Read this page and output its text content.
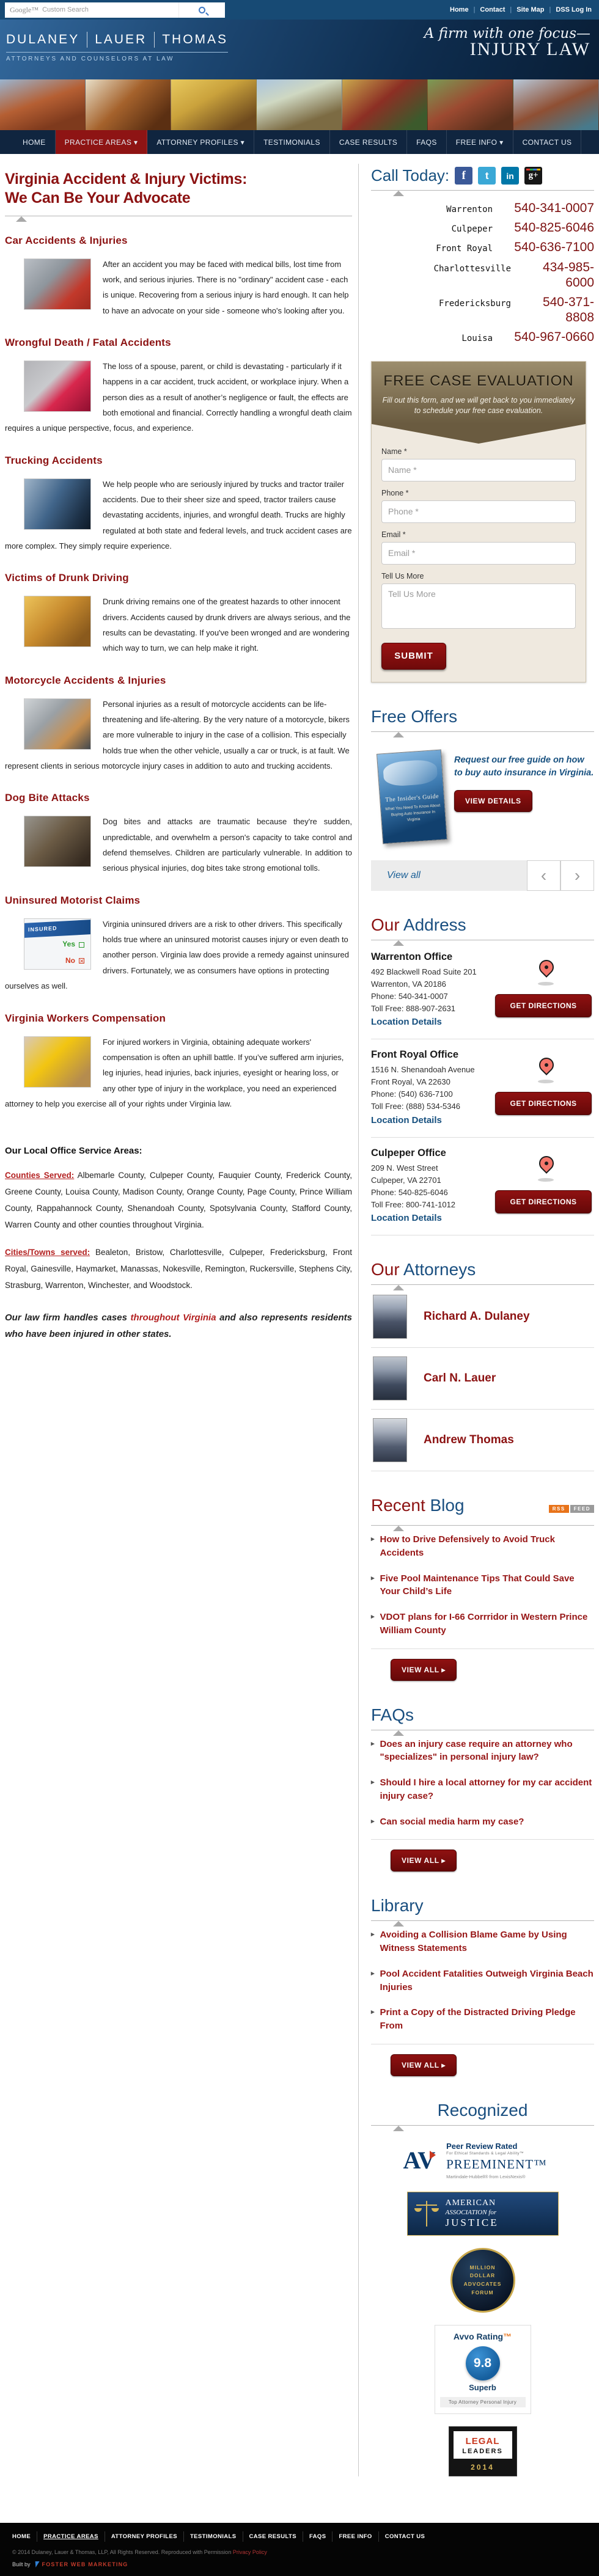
Google™
Custom Search	Home | Contact | Site Map | DSS Log In
DULANEY LAUER THOMAS
ATTORNEYS AND COUNSELORS AT LAW
A firm with one focus—
INJURY LAW
HOME	PRACTICE AREAS ▾	ATTORNEY PROFILES ▾	TESTIMONIALS	CASE RESULTS	FAQS	FREE INFO ▾	CONTACT US
Virginia Accident & Injury Victims:
We Can Be Your Advocate
Car Accidents & Injuries

After an accident you may be faced with medical bills, lost time from work, and serious injuries. There is no "ordinary" accident case - each is unique. Recovering from a serious injury is hard enough. It can help to have an advocate on your side - someone who's looking after you.

Wrongful Death / Fatal Accidents

The loss of a spouse, parent, or child is devastating - particularly if it happens in a car accident, truck accident, or workplace injury. When a person dies as a result of another’s negligence or fault, the effects are both emotional and financial. Correctly handling a wrongful death claim requires a unique perspective, focus, and experience.

Trucking Accidents

We help people who are seriously injured by trucks and tractor trailer accidents. Due to their sheer size and speed, tractor trailers cause devastating accidents, injuries, and wrongful death. Trucks are highly regulated at both state and federal levels, and truck accident cases are more complex. They simply require experience.

Victims of Drunk Driving

Drunk driving remains one of the greatest hazards to other innocent drivers. Accidents caused by drunk drivers are always serious, and the results can be devastating. If you've been wronged and are wondering which way to turn, we can help make it right.

Motorcycle Accidents & Injuries

Personal injuries as a result of motorcycle accidents can be life-threatening and life-altering. By the very nature of a motorcycle, bikers are more vulnerable to injury in the case of a collision. This especially holds true when the other vehicle, usually a car or truck, is at fault. We represent clients in serious motorcycle injury cases in addition to auto and trucking accidents.

Dog Bite Attacks

Dog bites and attacks are traumatic because they're sudden, unpredictable, and overwhelm a person's capacity to take control and defend themselves. Children are particularly vulnerable. In addition to serious physical injuries, dog bites take strong emotional tolls.

Uninsured Motorist Claims
INSURED
Yes
No ✕

Virginia uninsured drivers are a risk to other drivers. This specifically holds true where an uninsured motorist causes injury or even death to another person. Virginia law does provide a remedy against uninsured drivers. Fortunately, we as consumers have options in protecting ourselves as well.

Virginia Workers Compensation

For injured workers in Virginia, obtaining adequate workers' compensation is often an uphill battle. If you’ve suffered arm injuries, leg injuries, head injuries, back injuries, eyesight or hearing loss, or any other type of injury in the workplace, you need an experienced attorney to help you exercise all of your rights under Virginia law.

Our Local Office Service Areas:

Counties Served: Albemarle County, Culpeper County, Fauquier County, Frederick County, Greene County, Louisa County, Madison County, Orange County, Page County, Prince William County, Rappahannock County, Shenandoah County, Spotsylvania County, Stafford County, Warren County and other counties throughout Virginia.

Cities/Towns served: Bealeton, Bristow, Charlottesville, Culpeper, Fredericksburg, Front Royal, Gainesville, Haymarket, Manassas, Nokesville, Remington, Ruckersville, Stephens City, Strasburg, Warrenton, Winchester, and Woodstock.

Our law firm handles cases throughout Virginia and also represents residents who have been injured in other states.

Call Today:	f	t	in	g+
Warrenton	540-341-0007
Culpeper	540-825-6046
Front Royal	540-636-7100
Charlottesville	434-985-6000
Fredericksburg	540-371-8808
Louisa	540-967-0660
FREE CASE EVALUATION
Fill out this form, and we will get back to you immediately to schedule your free case evaluation.
Name *
Name *
Phone *
Phone *
Email *
Email *
Tell Us More
Tell Us More SUBMIT
Free Offers
The Insider's Guide
What You Need To Know About Buying Auto Insurance In Virginia

Request our free guide on how to buy auto insurance in Virginia.

VIEW DETAILS
View all	‹	›
Our Address
Warrenton Office
492 Blackwell Road Suite 201
Warrenton, VA 20186
Phone: 540-341-0007
Toll Free: 888-907-2631
Location Details
GET DIRECTIONS
Front Royal Office
1516 N. Shenandoah Avenue
Front Royal, VA 22630
Phone: (540) 636-7100
Toll Free: (888) 534-5346
Location Details
GET DIRECTIONS
Culpeper Office
209 N. West Street
Culpeper, VA 22701
Phone: 540-825-6046
Toll Free: 800-741-1012
Location Details
GET DIRECTIONS
Our Attorneys
Richard A. Dulaney
Carl N. Lauer
Andrew Thomas
Recent Blog	RSS	FEED
▸ How to Drive Defensively to Avoid Truck Accidents
▸ Five Pool Maintenance Tips That Could Save Your Child’s Life
▸ VDOT plans for I-66 Corrridor in Western Prince William County
VIEW ALL ▸
FAQs
▸ Does an injury case require an attorney who "specializes" in personal injury law?
▸ Should I hire a local attorney for my car accident injury case?
▸ Can social media harm my case?
VIEW ALL ▸
Library
▸ Avoiding a Collision Blame Game by Using Witness Statements
▸ Pool Accident Fatalities Outweigh Virginia Beach Injuries
▸ Print a Copy of the Distracted Driving Pledge From
VIEW ALL ▸
Recognized
AV
Peer Review Rated
For Ethical Standards & Legal Ability™
PREEMINENT™
Martindale-Hubbell® from LexisNexis®
AMERICAN
ASSOCIATION for
JUSTICE
MILLION DOLLAR ADVOCATES FORUM
Avvo Rating™
9.8
Superb
Top Attorney Personal Injury
LEGAL
LEADERS
2014
HOME	PRACTICE AREAS	ATTORNEY PROFILES	TESTIMONIALS	CASE RESULTS	FAQS	FREE INFO	CONTACT US
© 2014 Dulaney, Lauer & Thomas, LLP, All Rights Reserved. Reproduced with Permission Privacy Policy
Built by FOSTER WEB MARKETING
